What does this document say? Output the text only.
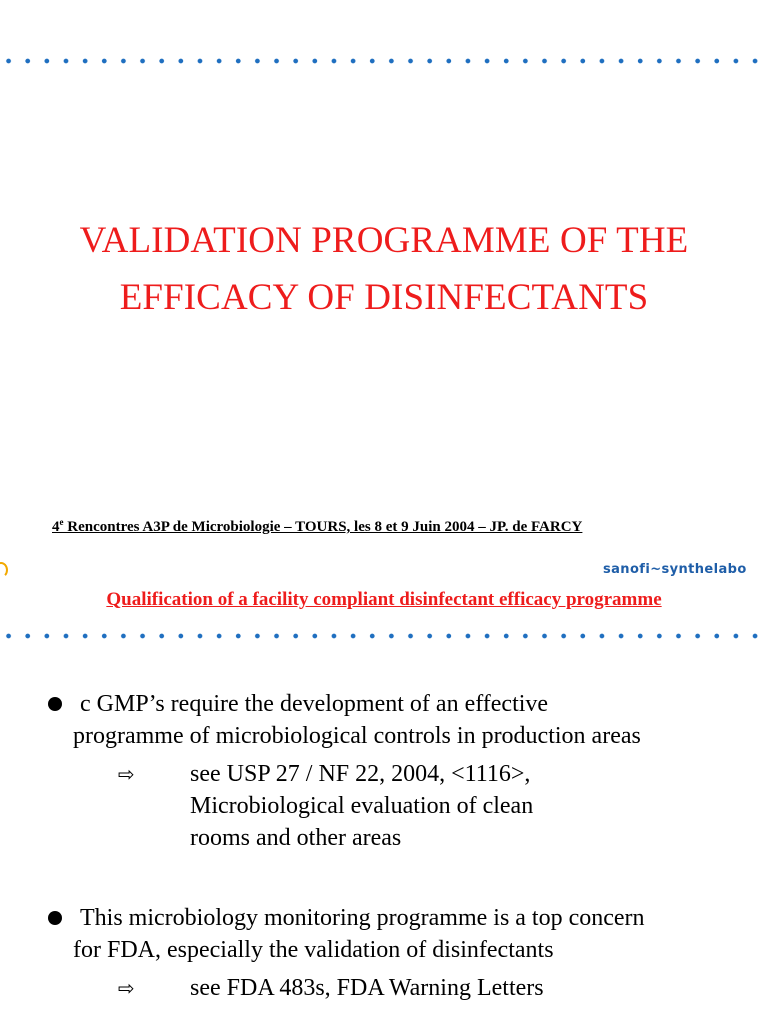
VALIDATION PROGRAMME OF THE
EFFICACY OF DISINFECTANTS
4e Rencontres A3P de Microbiologie – TOURS, les 8 et 9 Juin 2004 – JP. de FARCY
sanofi~synthelabo
Qualification of a facility compliant disinfectant efficacy programme
c GMP’s require the development of an effective
programme of microbiological controls in production areas
⇨	see USP 27 / NF 22, 2004, <1116>,
Microbiological evaluation of clean
rooms and other areas
This microbiology monitoring programme is a top concern
for FDA, especially the validation of disinfectants
⇨	see FDA 483s, FDA Warning Letters
